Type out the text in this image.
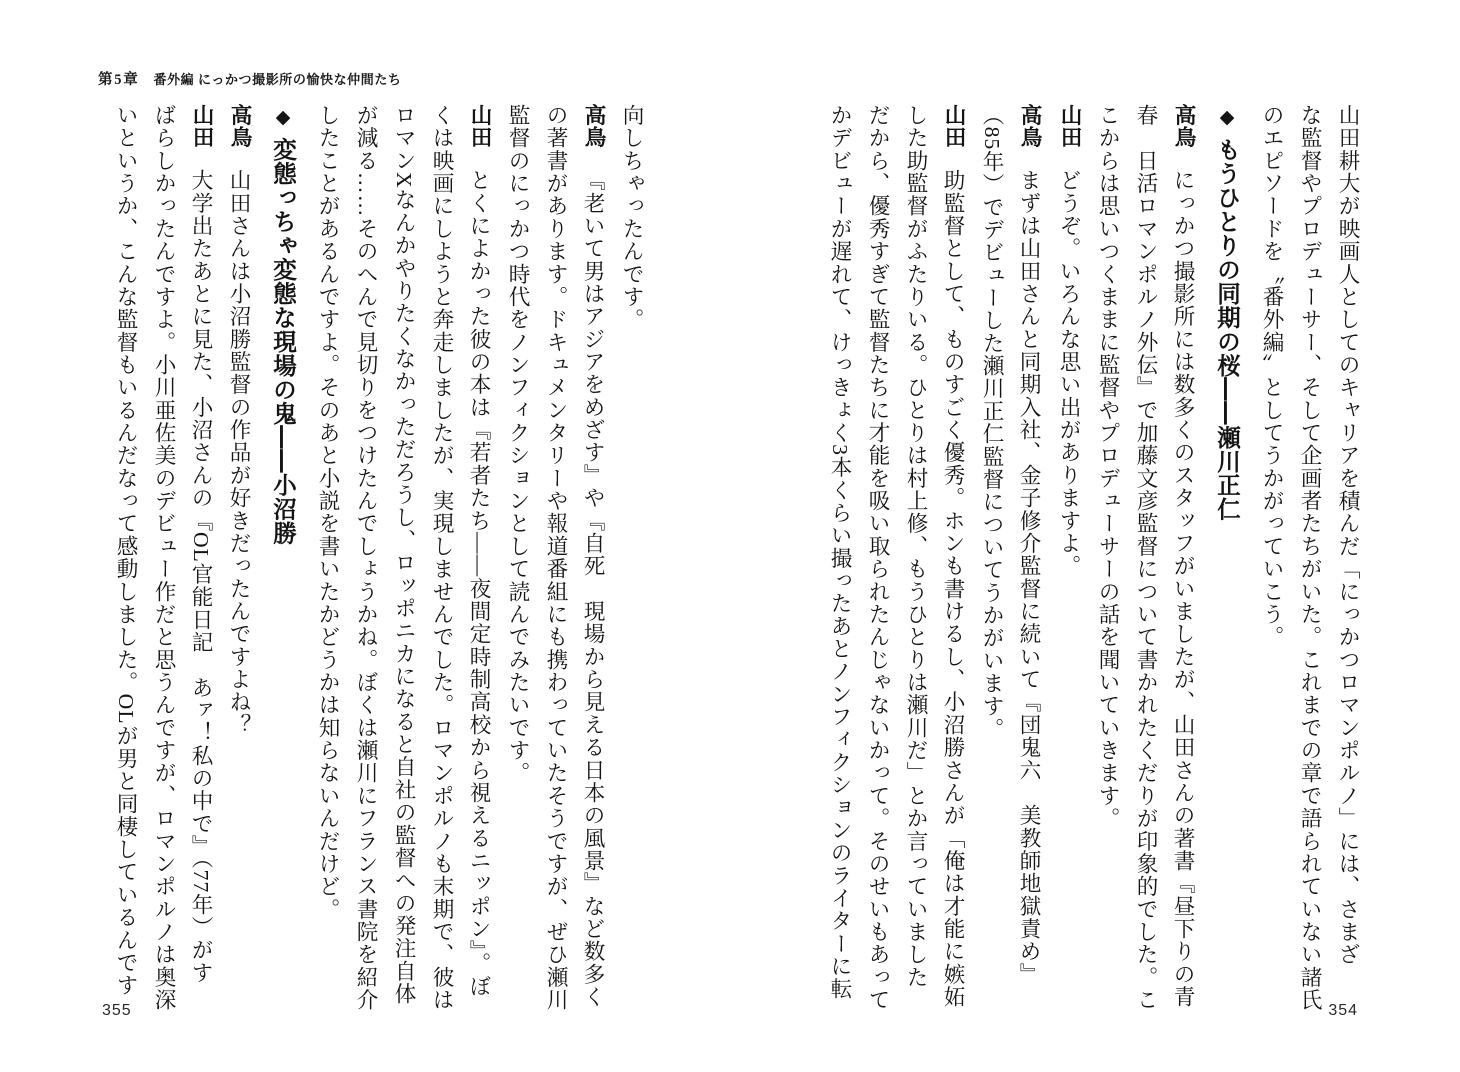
山田耕大が映画人としてのキャリアを積んだ「にっかつロマンポルノ」には、さまざ
な監督やプロデューサー、そして企画者たちがいた。これまでの章で語られていない諸氏
のエピソードを〝番外編〟としてうかがっていこう。
◆もうひとりの同期の桜――瀬川正仁
高鳥にっかつ撮影所には数多くのスタッフがいましたが、山田さんの著書『昼下りの青
春　日活ロマンポルノ外伝』で加藤文彦監督について書かれたくだりが印象的でした。こ
こからは思いつくままに監督やプロデューサーの話を聞いていきます。
山田どうぞ。いろんな思い出がありますよ。
高鳥まずは山田さんと同期入社、金子修介監督に続いて『団鬼六　美教師地獄責め』
（85年）でデビューした瀬川正仁監督についてうかがいます。
山田助監督として、ものすごく優秀。ホンも書けるし、小沼勝さんが「俺は才能に嫉妬
した助監督がふたりいる。ひとりは村上修、もうひとりは瀬川だ」とか言っていました
だから、優秀すぎて監督たちに才能を吸い取られたんじゃないかって。そのせいもあって
かデビューが遅れて、けっきょく3本くらい撮ったあとノンフィクションのライターに転
354
第5章 番外編 にっかつ撮影所の愉快な仲間たち
向しちゃったんです。
高鳥『老いて男はアジアをめざす』や『自死　現場から見える日本の風景』など数多く
の著書があります。ドキュメンタリーや報道番組にも携わっていたそうですが、ぜひ瀬川
監督のにっかつ時代をノンフィクションとして読んでみたいです。
山田とくによかった彼の本は『若者たち――夜間定時制高校から視えるニッポン』。ぼ
くは映画にしようと奔走しましたが、実現しませんでした。ロマンポルノも末期で、彼は
ロマンXなんかやりたくなかっただろうし、ロッポニカになると自社の監督への発注自体
が減る……そのへんで見切りをつけたんでしょうかね。ぼくは瀬川にフランス書院を紹介
したことがあるんですよ。そのあと小説を書いたかどうかは知らないんだけど。
◆変態っちゃ変態な現場の鬼――小沼勝
高鳥山田さんは小沼勝監督の作品が好きだったんですよね？
山田大学出たあとに見た、小沼さんの『OL官能日記　あァ！私の中で』（77年）がす
ばらしかったんですよ。小川亜佐美のデビュー作だと思うんですが、ロマンポルノは奥深
いというか、こんな監督もいるんだなって感動しました。OLが男と同棲しているんです
355
